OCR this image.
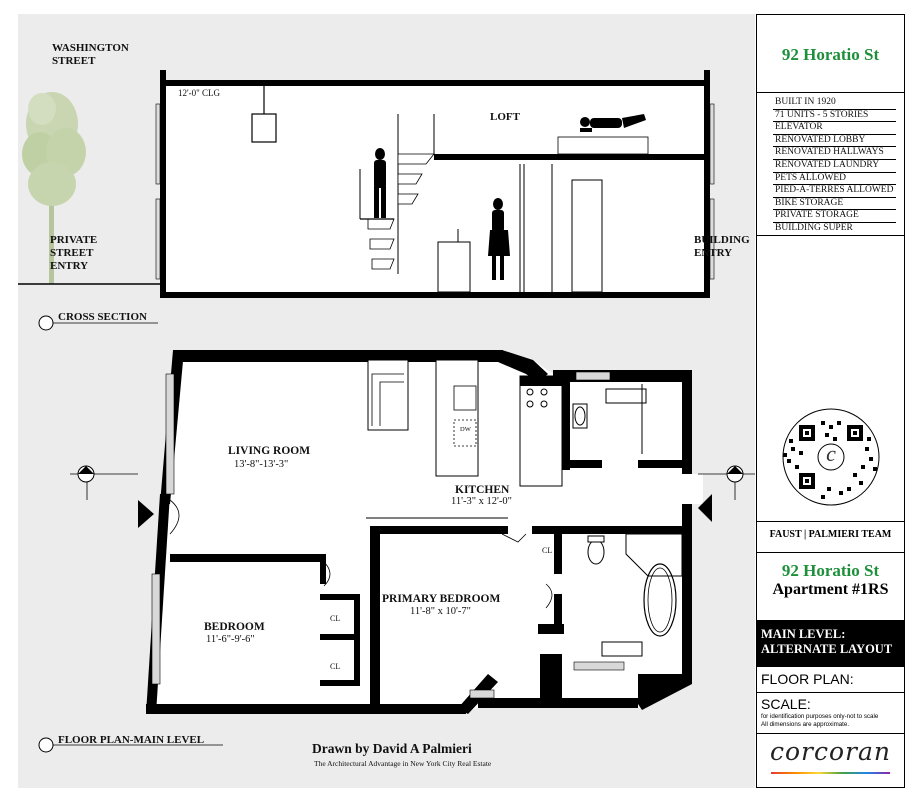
WASHINGTON
STREET
PRIVATE
STREET
ENTRY
BUILDING
ENTRY
12'-0" CLG
LOFT
CROSS SECTION
FLOOR PLAN-MAIN LEVEL
LIVING ROOM
13'-8"-13'-3"
KITCHEN
11'-3" x 12'-0"
BEDROOM
11'-6"-9'-6"
PRIMARY BEDROOM
11'-8" x 10'-7"
CL
CL
CL
DW
Drawn by David A Palmieri
The Architectural Advantage in New York City Real Estate
92 Horatio St
BUILT IN 1920
71 UNITS - 5 STORIES
ELEVATOR
RENOVATED LOBBY
RENOVATED HALLWAYS
RENOVATED LAUNDRY
PETS ALLOWED
PIED-A-TERRES ALLOWED
BIKE STORAGE
PRIVATE STORAGE
BUILDING SUPER
c
FAUST | PALMIERI TEAM
92 Horatio St
Apartment #1RS
MAIN LEVEL:
ALTERNATE LAYOUT
FLOOR PLAN:
SCALE:
for identification purposes only-not to scale
All dimensions are approximate.
corcoran
